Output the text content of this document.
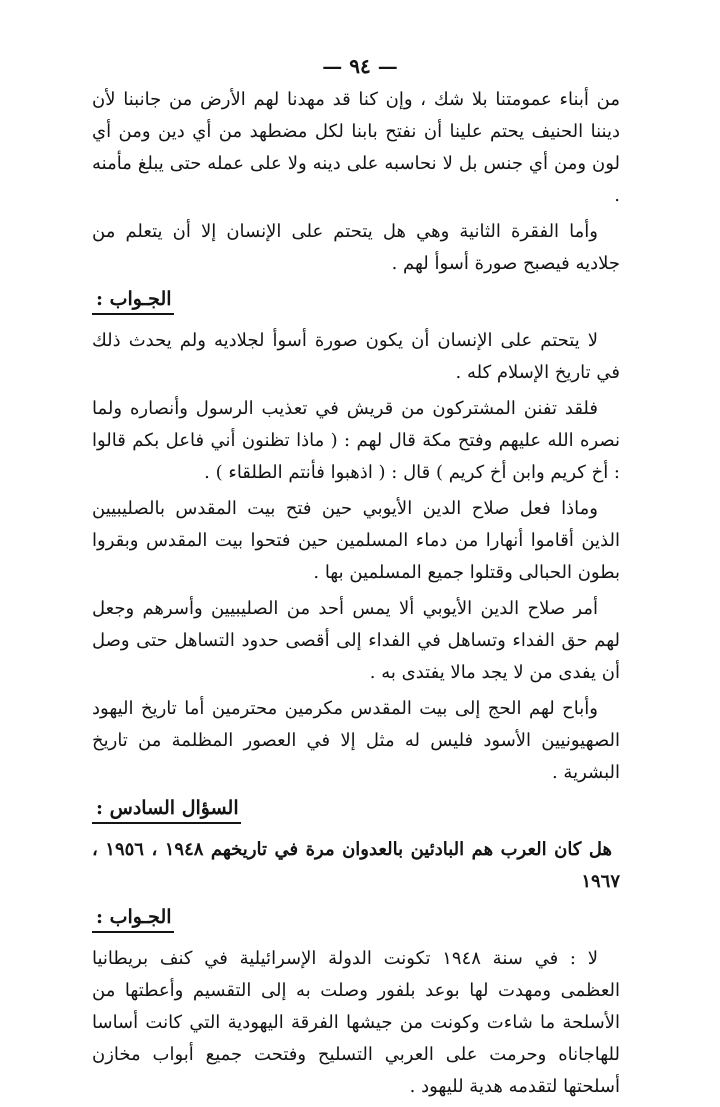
— ٩٤ —

من أبناء عمومتنا بلا شك ، وإن كنا قد مهدنا لهم الأرض من جانبنا لأن ديننا الحنيف يحتم علينا أن نفتح بابنا لكل مضطهد من أي دين ومن أي لون ومن أي جنس بل لا نحاسبه على دينه ولا على عمله حتى يبلغ مأمنه .

وأما الفقرة الثانية وهي هل يتحتم على الإنسان إلا أن يتعلم من جلاديه فيصبح صورة أسوأ لهم .

الجـواب :

لا يتحتم على الإنسان أن يكون صورة أسوأ لجلاديه ولم يحدث ذلك في تاريخ الإسلام كله .

فلقد تفنن المشتركون من قريش في تعذيب الرسول وأنصاره ولما نصره الله عليهم وفتح مكة قال لهم : ( ماذا تظنون أني فاعل بكم قالوا : أخ كريم وابن أخ كريم ) قال : ( اذهبوا فأنتم الطلقاء ) .

وماذا فعل صلاح الدين الأيوبي حين فتح بيت المقدس بالصليبيين الذين أقاموا أنهارا من دماء المسلمين حين فتحوا بيت المقدس وبقروا بطون الحبالى وقتلوا جميع المسلمين بها .

أمر صلاح الدين الأيوبي ألا يمس أحد من الصليبيين وأسرهم وجعل لهم حق الفداء وتساهل في الفداء إلى أقصى حدود التساهل حتى وصل أن يفدى من لا يجد مالا يفتدى به .

وأباح لهم الحج إلى بيت المقدس مكرمين محترمين أما تاريخ اليهود الصهيونيين الأسود فليس له مثل إلا في العصور المظلمة من تاريخ البشرية .

السؤال السادس :

هل كان العرب هم البادئين بالعدوان مرة في تاريخهم ١٩٤٨ ، ١٩٥٦ ، ١٩٦٧

الجـواب :

لا : في سنة ١٩٤٨ تكونت الدولة الإسرائيلية في كنف بريطانيا العظمى ومهدت لها بوعد بلفور وصلت به إلى التقسيم وأعطتها من الأسلحة ما شاءت وكونت من جيشها الفرقة اليهودية التي كانت أساسا للهاجاناه وحرمت على العربي التسليح وفتحت جميع أبواب مخازن أسلحتها لتقدمه هدية لليهود .
